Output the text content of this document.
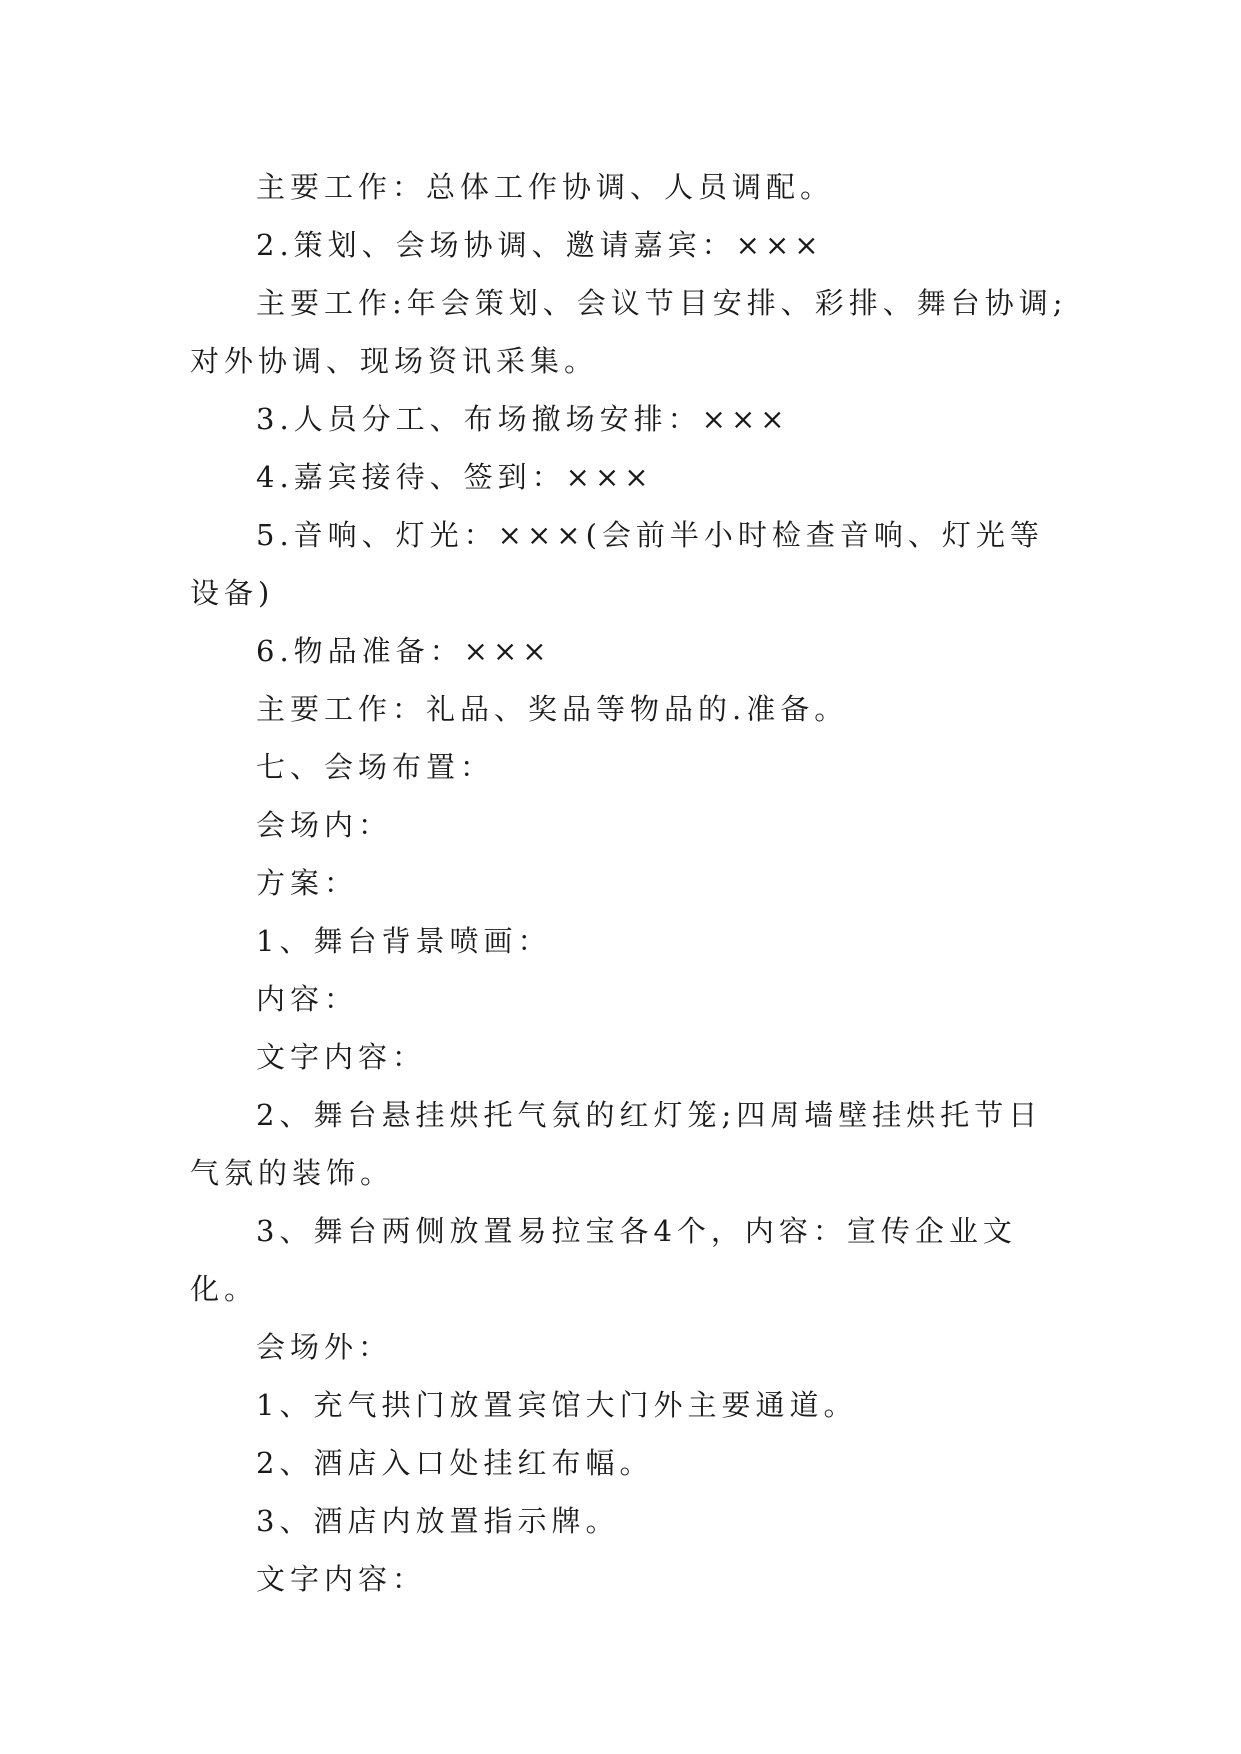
主要工作：总体工作协调、人员调配。

2.策划、会场协调、邀请嘉宾：×××

主要工作:年会策划、会议节目安排、彩排、舞台协调;对外协调、现场资讯采集。

3.人员分工、布场撤场安排：×××

4.嘉宾接待、签到：×××

5.音响、灯光：×××(会前半小时检查音响、灯光等设备)

6.物品准备：×××

主要工作：礼品、奖品等物品的.准备。

七、会场布置：

会场内：

方案：

1、舞台背景喷画：

内容：

文字内容：

2、舞台悬挂烘托气氛的红灯笼;四周墙壁挂烘托节日气氛的装饰。

3、舞台两侧放置易拉宝各4个，内容：宣传企业文化。

会场外：

1、充气拱门放置宾馆大门外主要通道。

2、酒店入口处挂红布幅。

3、酒店内放置指示牌。

文字内容：
